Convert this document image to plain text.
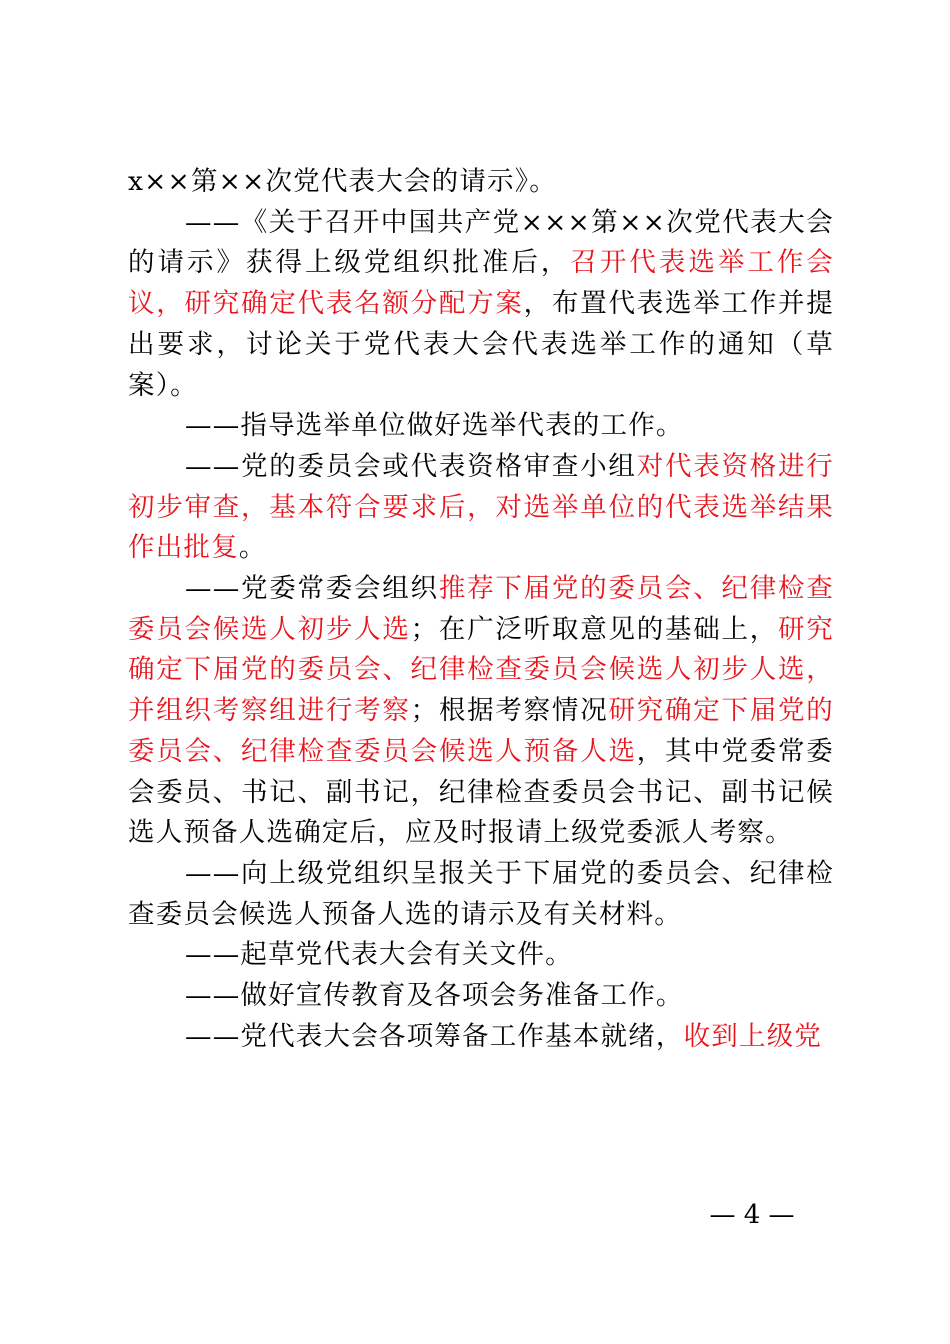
x××第××次党代表大会的请示》。

——《关于召开中国共产党×××第××次党代表大会的请示》获得上级党组织批准后，召开代表选举工作会议，研究确定代表名额分配方案，布置代表选举工作并提出要求，讨论关于党代表大会代表选举工作的通知（草案）。

——指导选举单位做好选举代表的工作。

——党的委员会或代表资格审查小组对代表资格进行初步审查，基本符合要求后，对选举单位的代表选举结果作出批复。

——党委常委会组织推荐下届党的委员会、纪律检查委员会候选人初步人选；在广泛听取意见的基础上，研究确定下届党的委员会、纪律检查委员会候选人初步人选，并组织考察组进行考察；根据考察情况研究确定下届党的委员会、纪律检查委员会候选人预备人选，其中党委常委会委员、书记、副书记，纪律检查委员会书记、副书记候选人预备人选确定后，应及时报请上级党委派人考察。

——向上级党组织呈报关于下届党的委员会、纪律检查委员会候选人预备人选的请示及有关材料。

——起草党代表大会有关文件。

——做好宣传教育及各项会务准备工作。

——党代表大会各项筹备工作基本就绪，收到上级党

— 4 —
